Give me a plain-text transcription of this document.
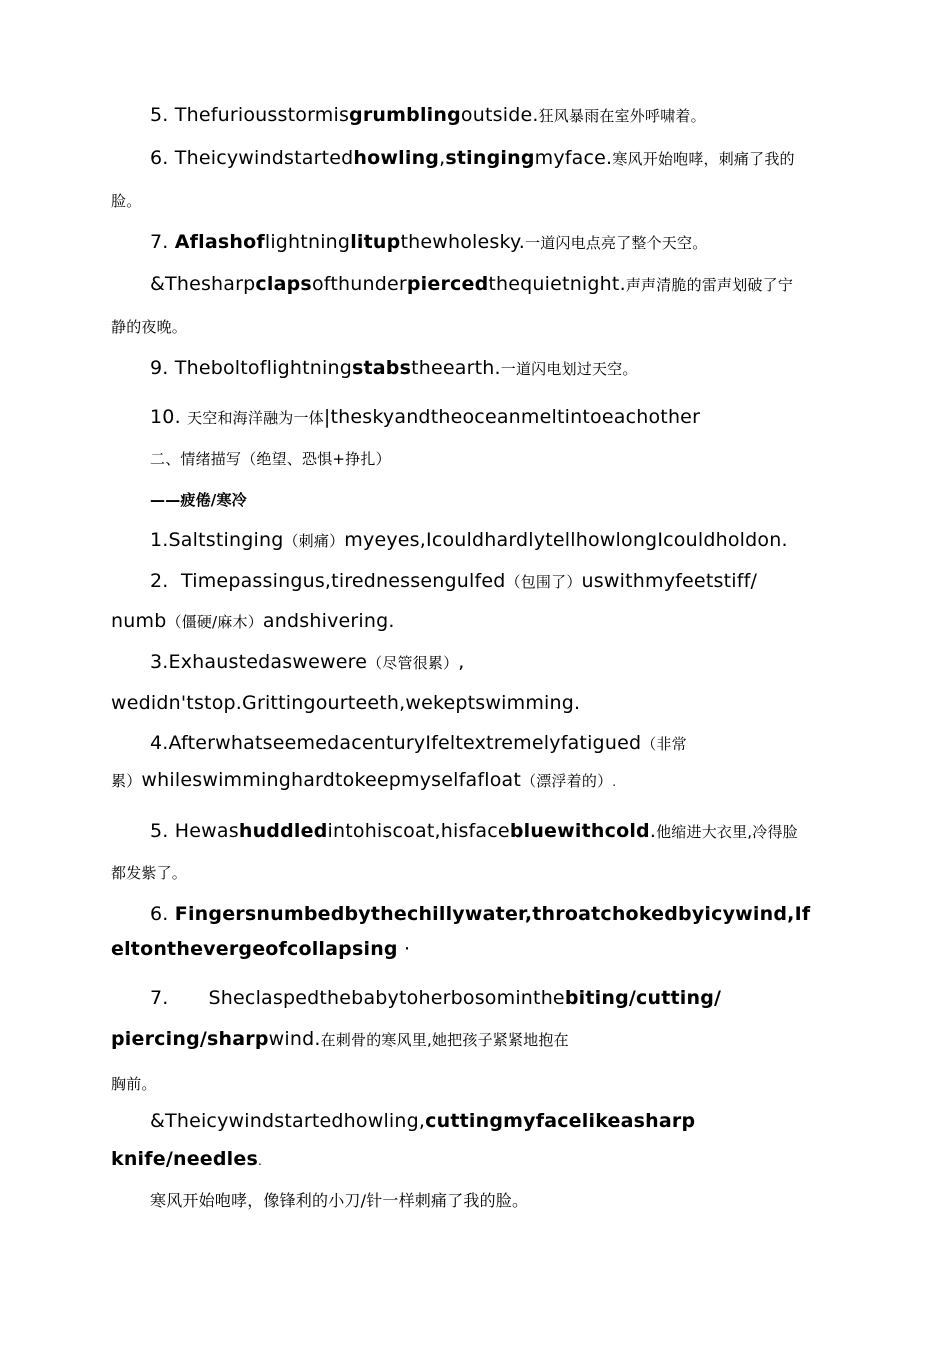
5. Thefuriousstormisgrumblingoutside.狂风暴雨在室外呼啸着。
6. Theicywindstartedhowling,stingingmyface.寒风开始咆哮，刺痛了我的
脸。
7. Aflashoflightninglitupthewholesky.一道闪电点亮了整个天空。
&Thesharpclapsofthunderpiercedthequietnight.声声清脆的雷声划破了宁
静的夜晚。
9. Theboltoflightningstabstheearth.一道闪电划过天空。
10. 天空和海洋融为一体|theskyandtheoceanmeltintoeachother
二、情绪描写（绝望、恐惧+挣扎）
——疲倦/寒冷
1.Saltstinging（刺痛）myeyes,IcouldhardlytellhowlongIcouldholdon.
2. Timepassingus,tirednessengulfed（包围了）uswithmyfeetstiff/
numb（僵硬/麻木）andshivering.
3.Exhaustedaswewere（尽管很累）,
wedidn'tstop.Grittingourteeth,wekeptswimming.
4.AfterwhatseemedacenturyIfeltextremelyfatigued（非常
累）whileswimminghardtokeepmyselfafloat（漂浮着的）.
5. Hewashuddledintohiscoat,hisfacebluewithcold.他缩进大衣里,冷得脸
都发紫了。
6. Fingersnumbedbythechillywater,throatchokedbyicywind,If
eltonthevergeofcollapsing ·
7. Sheclaspedthebabytoherbosominthebiting/cutting/
piercing/sharpwind.在刺骨的寒风里,她把孩子紧紧地抱在
胸前。
&Theicywindstartedhowling,cuttingmyfacelikeasharp
knife/needles.
寒风开始咆哮，像锋利的小刀/针一样刺痛了我的脸。
